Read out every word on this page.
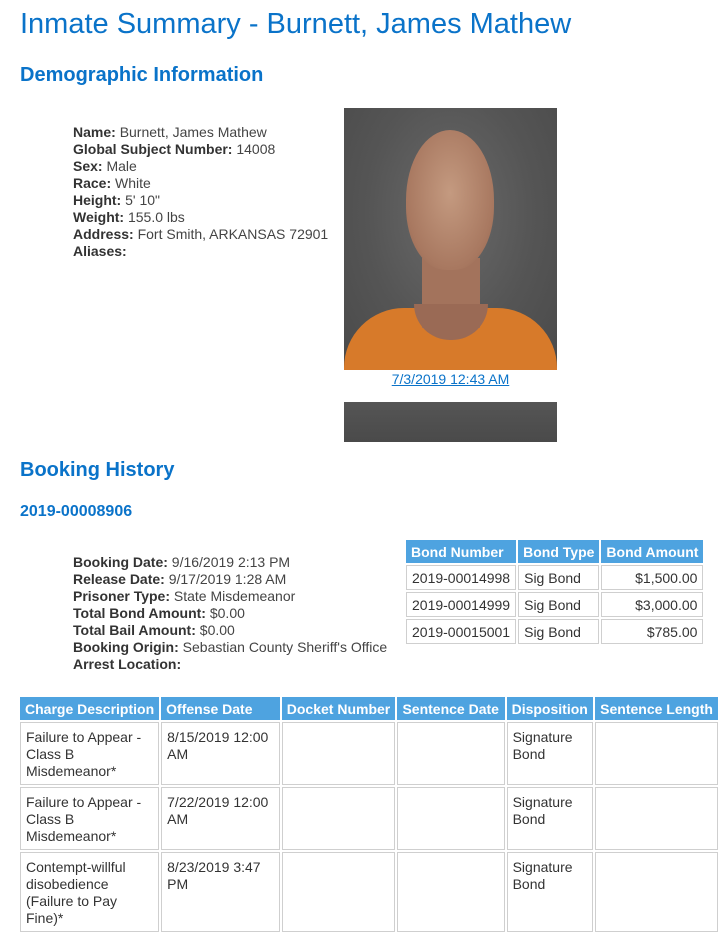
Inmate Summary - Burnett, James Mathew
Demographic Information
Name: Burnett, James Mathew
Global Subject Number: 14008
Sex: Male
Race: White
Height: 5' 10"
Weight: 155.0 lbs
Address: Fort Smith, ARKANSAS 72901
Aliases:
7/3/2019 12:43 AM
Booking History
2019-00008906
Booking Date: 9/16/2019 2:13 PM
Release Date: 9/17/2019 1:28 AM
Prisoner Type: State Misdemeanor
Total Bond Amount: $0.00
Total Bail Amount: $0.00
Booking Origin: Sebastian County Sheriff's Office
Arrest Location:
Bond Number	Bond Type	Bond Amount
2019-00014998	Sig Bond	$1,500.00
2019-00014999	Sig Bond	$3,000.00
2019-00015001	Sig Bond	$785.00
Charge Description	Offense Date	Docket Number	Sentence Date	Disposition	Sentence Length
Failure to Appear - Class B Misdemeanor*	8/15/2019 12:00 AM			Signature Bond	
Failure to Appear - Class B Misdemeanor*	7/22/2019 12:00 AM			Signature Bond	
Contempt-willful disobedience (Failure to Pay Fine)*	8/23/2019 3:47 PM			Signature Bond	
